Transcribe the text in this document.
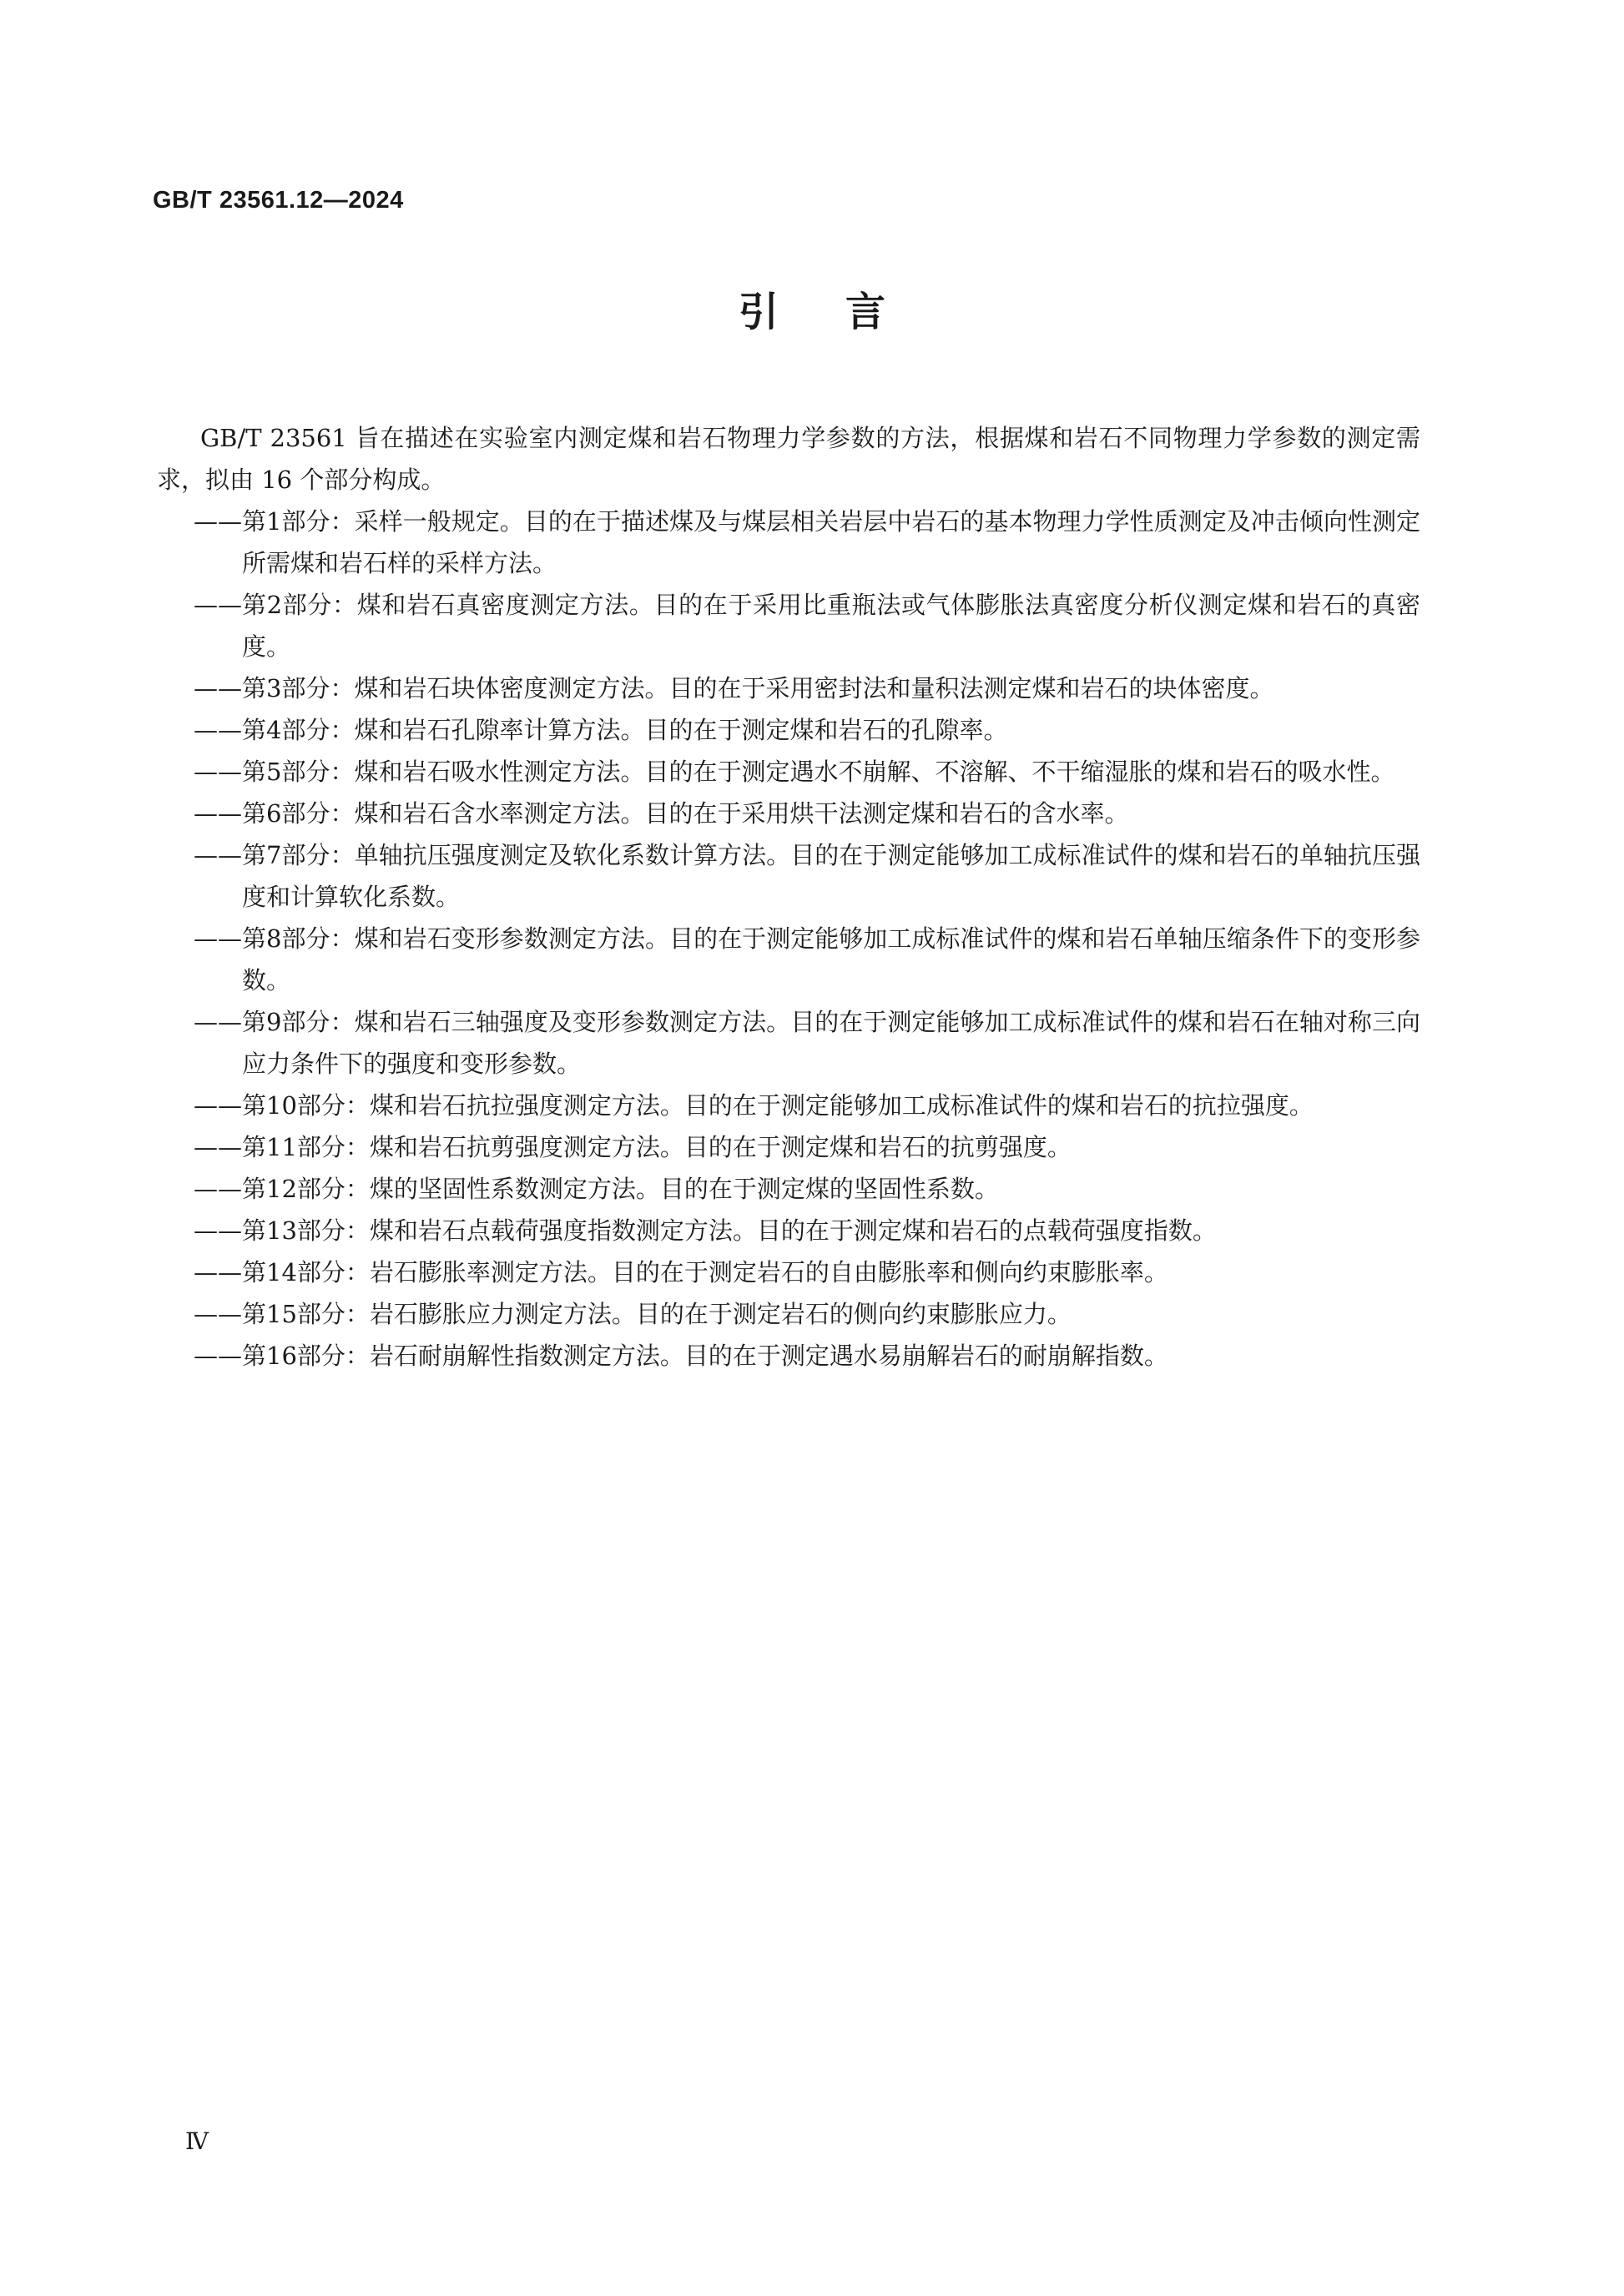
GB/T 23561.12—2024
引言

GB/T 23561 旨在描述在实验室内测定煤和岩石物理力学参数的方法，根据煤和岩石不同物理力学参数的测定需求，拟由 16 个部分构成。

—— 第1部分：采样一般规定。目的在于描述煤及与煤层相关岩层中岩石的基本物理力学性质测定及冲击倾向性测定所需煤和岩石样的采样方法。
—— 第2部分：煤和岩石真密度测定方法。目的在于采用比重瓶法或气体膨胀法真密度分析仪测定煤和岩石的真密度。
—— 第3部分：煤和岩石块体密度测定方法。目的在于采用密封法和量积法测定煤和岩石的块体密度。
—— 第4部分：煤和岩石孔隙率计算方法。目的在于测定煤和岩石的孔隙率。
—— 第5部分：煤和岩石吸水性测定方法。目的在于测定遇水不崩解、不溶解、不干缩湿胀的煤和岩石的吸水性。
—— 第6部分：煤和岩石含水率测定方法。目的在于采用烘干法测定煤和岩石的含水率。
—— 第7部分：单轴抗压强度测定及软化系数计算方法。目的在于测定能够加工成标准试件的煤和岩石的单轴抗压强度和计算软化系数。
—— 第8部分：煤和岩石变形参数测定方法。目的在于测定能够加工成标准试件的煤和岩石单轴压缩条件下的变形参数。
—— 第9部分：煤和岩石三轴强度及变形参数测定方法。目的在于测定能够加工成标准试件的煤和岩石在轴对称三向应力条件下的强度和变形参数。
—— 第10部分：煤和岩石抗拉强度测定方法。目的在于测定能够加工成标准试件的煤和岩石的抗拉强度。
—— 第11部分：煤和岩石抗剪强度测定方法。目的在于测定煤和岩石的抗剪强度。
—— 第12部分：煤的坚固性系数测定方法。目的在于测定煤的坚固性系数。
—— 第13部分：煤和岩石点载荷强度指数测定方法。目的在于测定煤和岩石的点载荷强度指数。
—— 第14部分：岩石膨胀率测定方法。目的在于测定岩石的自由膨胀率和侧向约束膨胀率。
—— 第15部分：岩石膨胀应力测定方法。目的在于测定岩石的侧向约束膨胀应力。
—— 第16部分：岩石耐崩解性指数测定方法。目的在于测定遇水易崩解岩石的耐崩解指数。
Ⅳ
